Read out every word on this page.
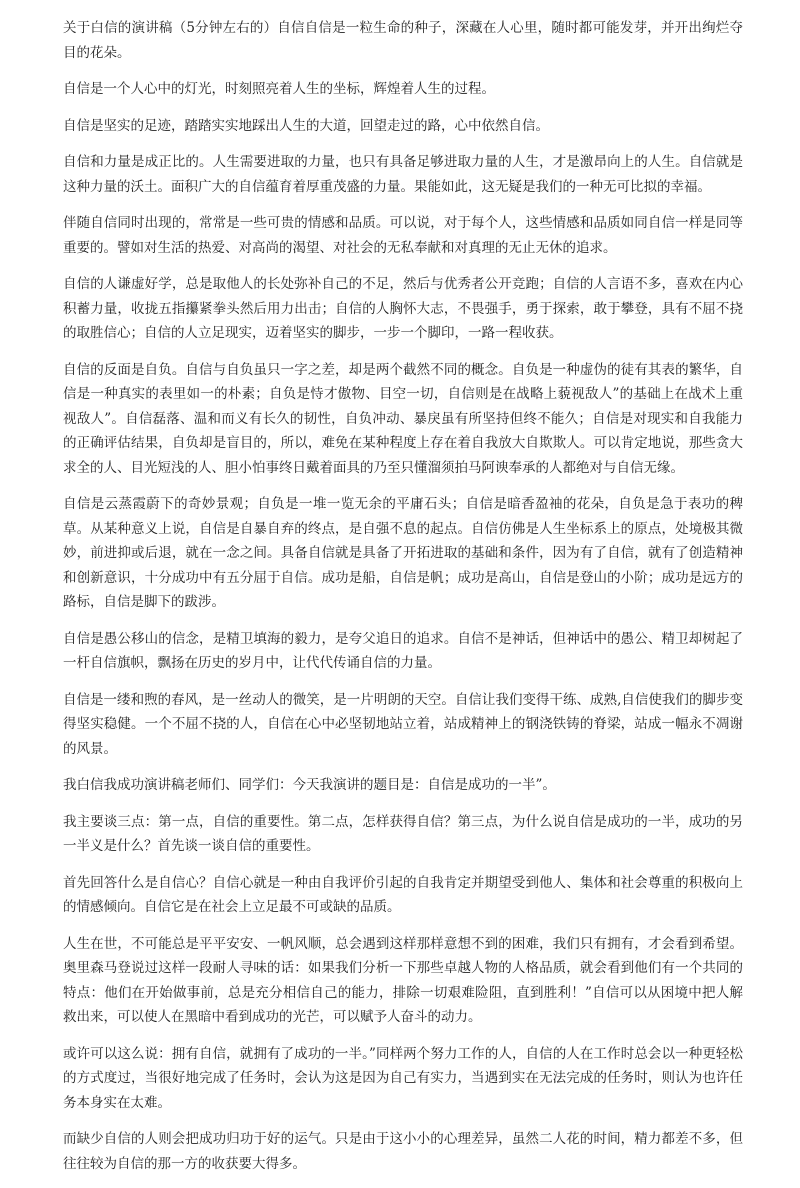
关于白信的演讲稿（5分钟左右的）自信自信是一粒生命的种子，深藏在人心里，随时都可能发芽，并开出绚烂夺目的花朵。

自信是一个人心中的灯光，时刻照亮着人生的坐标，辉煌着人生的过程。

自信是坚实的足迹，踏踏实实地踩出人生的大道，回望走过的路，心中依然自信。

自信和力量是成正比的。人生需要进取的力量，也只有具备足够进取力量的人生，才是激昂向上的人生。自信就是这种力量的沃土。面积广大的自信蕴育着厚重茂盛的力量。果能如此，这无疑是我们的一种无可比拟的幸福。

伴随自信同时出现的，常常是一些可贵的情感和品质。可以说，对于每个人，这些情感和品质如同自信一样是同等重要的。譬如对生活的热爱、对高尚的渴望、对社会的无私奉献和对真理的无止无休的追求。

自信的人谦虚好学，总是取他人的长处弥补自己的不足，然后与优秀者公开竞跑；自信的人言语不多，喜欢在内心积蓄力量，收拢五指攥紧拳头然后用力出击；自信的人胸怀大志，不畏强手，勇于探索，敢于攀登，具有不屈不挠的取胜信心；自信的人立足现实，迈着坚实的脚步，一步一个脚印，一路一程收获。

自信的反面是自负。自信与自负虽只一字之差，却是两个截然不同的概念。自负是一种虚伪的徒有其表的繁华，自信是一种真实的表里如一的朴素；自负是恃才傲物、目空一切，自信则是在战略上藐视敌人”的基础上在战术上重视敌人”。自信磊落、温和而义有长久的韧性，自负冲动、暴戾虽有所坚持但终不能久；自信是对现实和自我能力的正确评估结果，自负却是盲目的，所以，难免在某种程度上存在着自我放大自欺欺人。可以肯定地说，那些贪大求全的人、目光短浅的人、胆小怕事终日戴着面具的乃至只懂溜须拍马阿谀奉承的人都绝对与自信无缘。

自信是云蒸霞蔚下的奇妙景观；自负是一堆一览无余的平庸石头；自信是暗香盈袖的花朵，自负是急于表功的稗草。从某种意义上说，自信是自暴自弃的终点，是自强不息的起点。自信仿佛是人生坐标系上的原点，处境极其微妙，前进抑或后退，就在一念之间。具备自信就是具备了开拓进取的基础和条件，因为有了自信，就有了创造精神和创新意识，十分成功中有五分屈于自信。成功是船，自信是帆；成功是高山，自信是登山的小阶；成功是远方的路标，自信是脚下的跋涉。

自信是愚公移山的信念，是精卫填海的毅力，是夸父追日的追求。自信不是神话，但神话中的愚公、精卫却树起了一杆自信旗帜，飘扬在历史的岁月中，让代代传诵自信的力量。

自信是一缕和煦的春风，是一丝动人的微笑，是一片明朗的天空。自信让我们变得干练、成熟,自信使我们的脚步变得坚实稳健。一个不屈不挠的人，自信在心中必坚韧地站立着，站成精神上的钢浇铁铸的脊梁，站成一幅永不凋谢的风景。

我白信我成功演讲稿老师们、同学们：今天我演讲的题目是：自信是成功的一半”。

我主要谈三点：第一点，自信的重要性。第二点，怎样获得自信？第三点，为什么说自信是成功的一半，成功的另一半义是什么？首先谈一谈自信的重要性。

首先回答什么是自信心？自信心就是一种由自我评价引起的自我肯定并期望受到他人、集体和社会尊重的积极向上的情感倾向。自信它是在社会上立足最不可或缺的品质。

人生在世，不可能总是平平安安、一帆风顺，总会遇到这样那样意想不到的困难，我们只有拥有，才会看到希望。奥里森马登说过这样一段耐人寻味的话：如果我们分析一下那些卓越人物的人格品质，就会看到他们有一个共同的特点：他们在开始做事前，总是充分相信自己的能力，排除一切艰难险阻，直到胜利！”自信可以从困境中把人解救出来，可以使人在黑暗中看到成功的光芒，可以赋予人奋斗的动力。

或许可以这么说：拥有自信，就拥有了成功的一半。”同样两个努力工作的人，自信的人在工作时总会以一种更轻松的方式度过，当很好地完成了任务时，会认为这是因为自己有实力，当遇到实在无法完成的任务时，则认为也许任务本身实在太难。

而缺少自信的人则会把成功归功于好的运气。只是由于这小小的心理差异，虽然二人花的时间，精力都差不多，但往往较为自信的那一方的收获要大得多。
